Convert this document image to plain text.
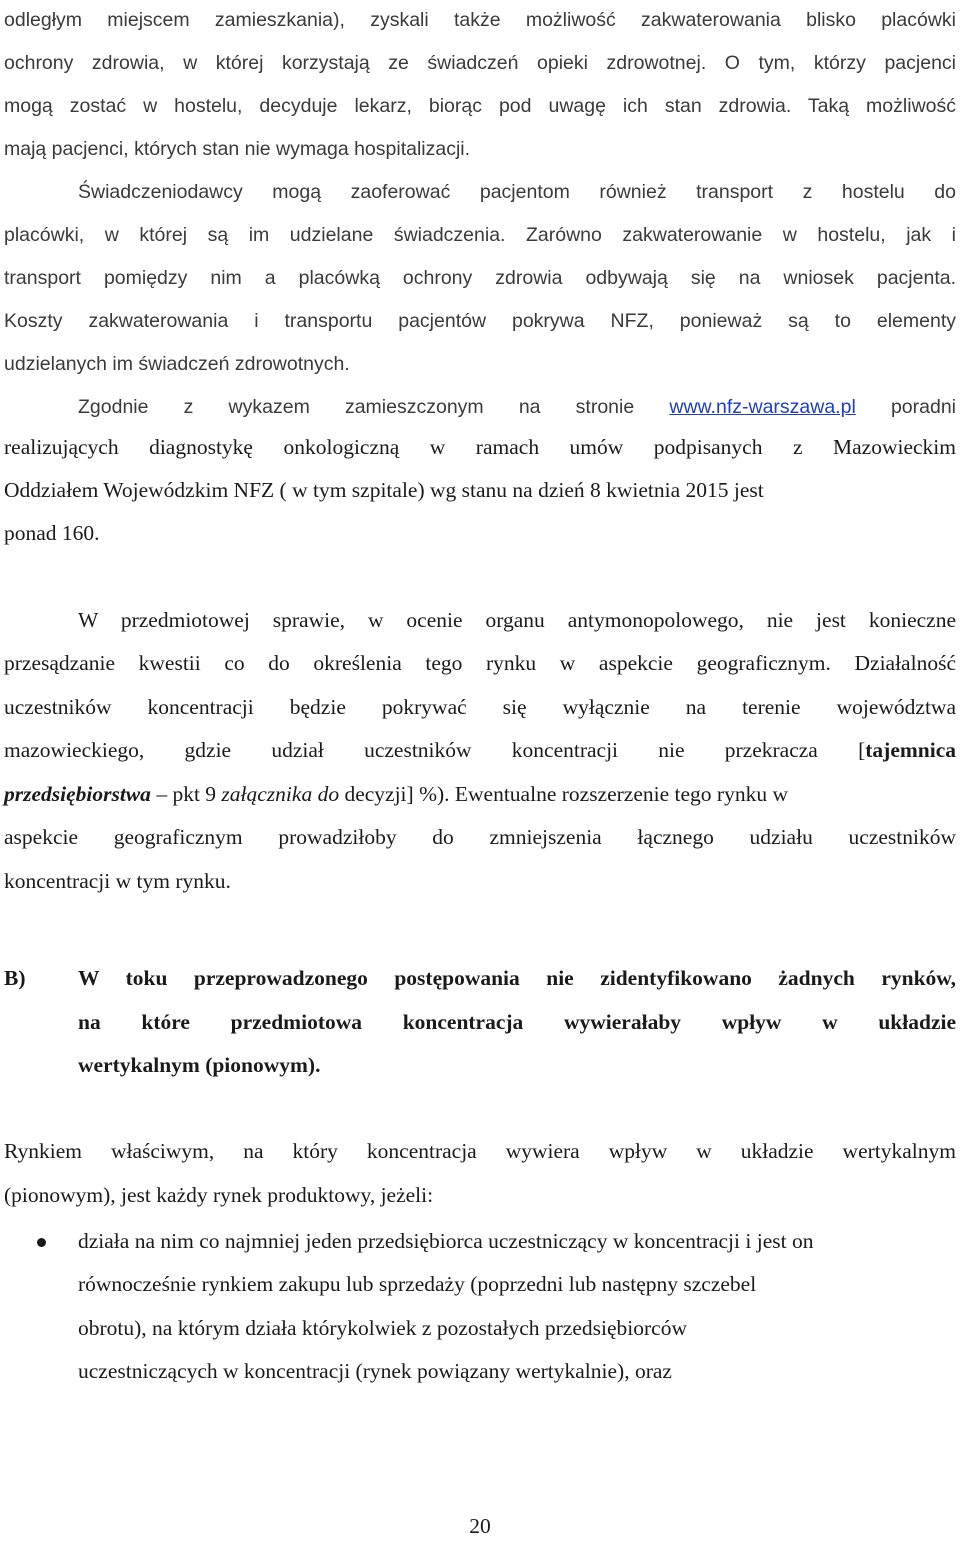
odległym miejscem zamieszkania), zyskali także możliwość zakwaterowania blisko placówki
ochrony zdrowia, w której korzystają ze świadczeń opieki zdrowotnej. O tym, którzy pacjenci
mogą zostać w hostelu, decyduje lekarz, biorąc pod uwagę ich stan zdrowia. Taką możliwość
mają pacjenci, których stan nie wymaga hospitalizacji.
Świadczeniodawcy mogą zaoferować pacjentom również transport z hostelu do
placówki, w której są im udzielane świadczenia. Zarówno zakwaterowanie w hostelu, jak i
transport pomiędzy nim a placówką ochrony zdrowia odbywają się na wniosek pacjenta.
Koszty zakwaterowania i transportu pacjentów pokrywa NFZ, ponieważ są to elementy
udzielanych im świadczeń zdrowotnych.
Zgodnie z wykazem zamieszczonym na stronie www.nfz-warszawa.pl poradni
realizujących diagnostykę onkologiczną w ramach umów podpisanych z Mazowieckim
Oddziałem Wojewódzkim NFZ ( w tym szpitale) wg stanu na dzień 8 kwietnia 2015 jest
ponad 160.
W przedmiotowej sprawie, w ocenie organu antymonopolowego, nie jest konieczne
przesądzanie kwestii co do określenia tego rynku w aspekcie geograficznym. Działalność
uczestników koncentracji będzie pokrywać się wyłącznie na terenie województwa
mazowieckiego, gdzie udział uczestników koncentracji nie przekracza [tajemnica
przedsiębiorstwa – pkt 9 załącznika do decyzji] %). Ewentualne rozszerzenie tego rynku w
aspekcie geograficznym prowadziłoby do zmniejszenia łącznego udziału uczestników
koncentracji w tym rynku.
B) W toku przeprowadzonego postępowania nie zidentyfikowano żadnych rynków,
na które przedmiotowa koncentracja wywierałaby wpływ w układzie
wertykalnym (pionowym).
Rynkiem właściwym, na który koncentracja wywiera wpływ w układzie wertykalnym
(pionowym), jest każdy rynek produktowy, jeżeli:
działa na nim co najmniej jeden przedsiębiorca uczestniczący w koncentracji i jest on
równocześnie rynkiem zakupu lub sprzedaży (poprzedni lub następny szczebel
obrotu), na którym działa którykolwiek z pozostałych przedsiębiorców
uczestniczących w koncentracji (rynek powiązany wertykalnie), oraz
20
